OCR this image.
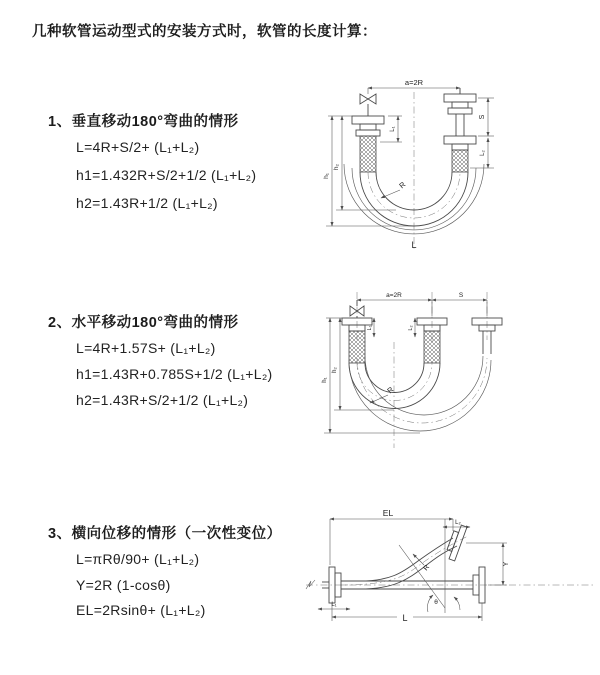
几种软管运动型式的安装方式时，软管的长度计算：
1、垂直移动180°弯曲的情形
L=4R+S/2+ (L₁+L₂)
h1=1.432R+S/2+1/2 (L₁+L₂)
h2=1.43R+1/2 (L₁+L₂)
2、水平移动180°弯曲的情形
L=4R+1.57S+ (L₁+L₂)
h1=1.43R+0.785S+1/2 (L₁+L₂)
h2=1.43R+S/2+1/2 (L₁+L₂)
3、横向位移的情形（一次性变位）
L=πRθ/90+ (L₁+L₂)
Y=2R (1-cosθ)
EL=2Rsinθ+ (L₁+L₂)
a=2R
L₁
S
L₂
h₁
h₂
R
L
a=2R	S
L₁	L₂
h₁
h₂
R
EL
L₂
Y
L
L₁
R
θ
